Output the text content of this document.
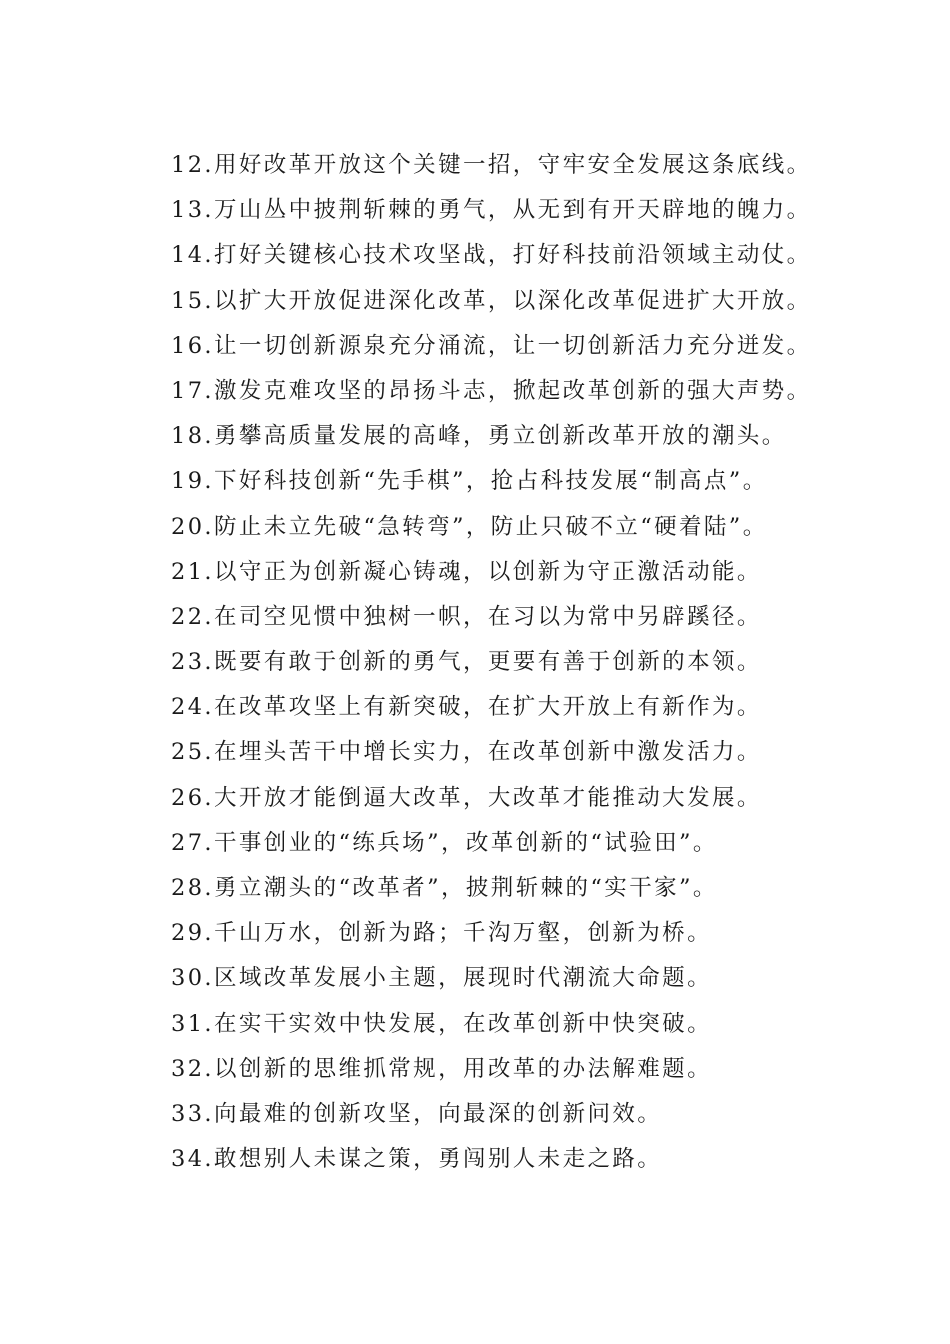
12.用好改革开放这个关键一招，守牢安全发展这条底线。
13.万山丛中披荆斩棘的勇气，从无到有开天辟地的魄力。
14.打好关键核心技术攻坚战，打好科技前沿领域主动仗。
15.以扩大开放促进深化改革，以深化改革促进扩大开放。
16.让一切创新源泉充分涌流，让一切创新活力充分迸发。
17.激发克难攻坚的昂扬斗志，掀起改革创新的强大声势。
18.勇攀高质量发展的高峰，勇立创新改革开放的潮头。
19.下好科技创新“先手棋”，抢占科技发展“制高点”。
20.防止未立先破“急转弯”，防止只破不立“硬着陆”。
21.以守正为创新凝心铸魂，以创新为守正激活动能。
22.在司空见惯中独树一帜，在习以为常中另辟蹊径。
23.既要有敢于创新的勇气，更要有善于创新的本领。
24.在改革攻坚上有新突破，在扩大开放上有新作为。
25.在埋头苦干中增长实力，在改革创新中激发活力。
26.大开放才能倒逼大改革，大改革才能推动大发展。
27.干事创业的“练兵场”，改革创新的“试验田”。
28.勇立潮头的“改革者”，披荆斩棘的“实干家”。
29.千山万水，创新为路；千沟万壑，创新为桥。
30.区域改革发展小主题，展现时代潮流大命题。
31.在实干实效中快发展，在改革创新中快突破。
32.以创新的思维抓常规，用改革的办法解难题。
33.向最难的创新攻坚，向最深的创新问效。
34.敢想别人未谋之策，勇闯别人未走之路。
